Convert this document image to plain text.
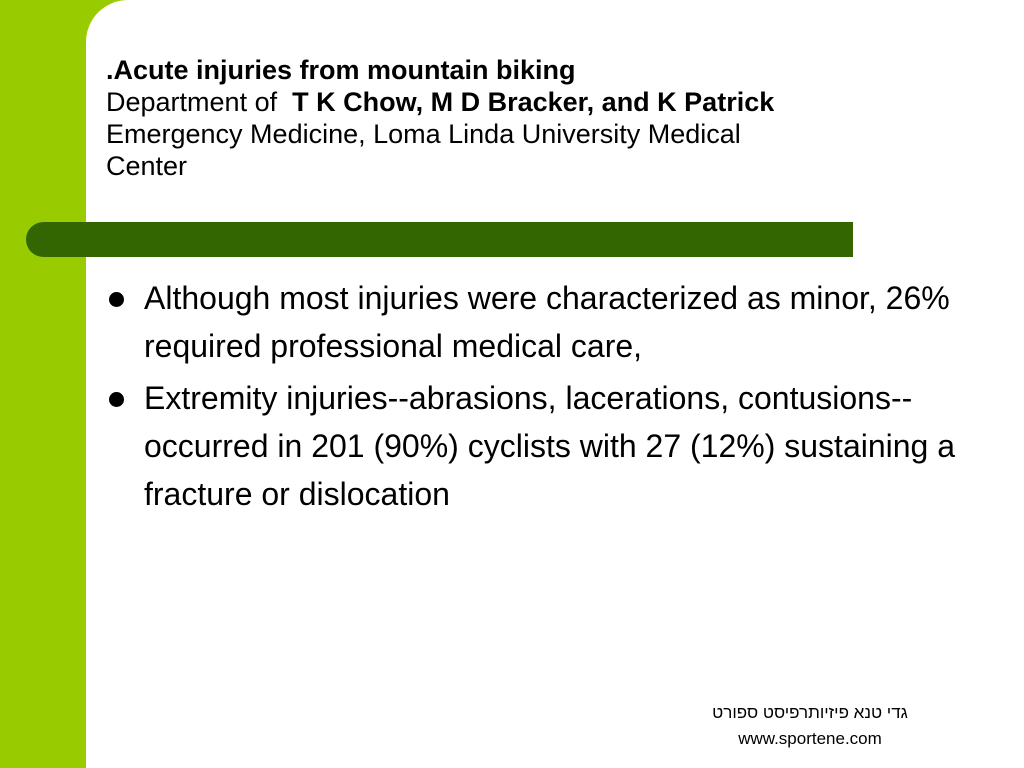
.Acute injuries from mountain biking
Department of T K Chow, M D Bracker, and K Patrick
Emergency Medicine, Loma Linda University Medical
Center
Although most injuries were characterized as minor, 26% required professional medical care,
Extremity injuries--abrasions, lacerations, contusions--occurred in 201 (90%) cyclists with 27 (12%) sustaining a fracture or dislocation
גדי טנא פיזיותרפיסט ספורט
www.sportene.com
